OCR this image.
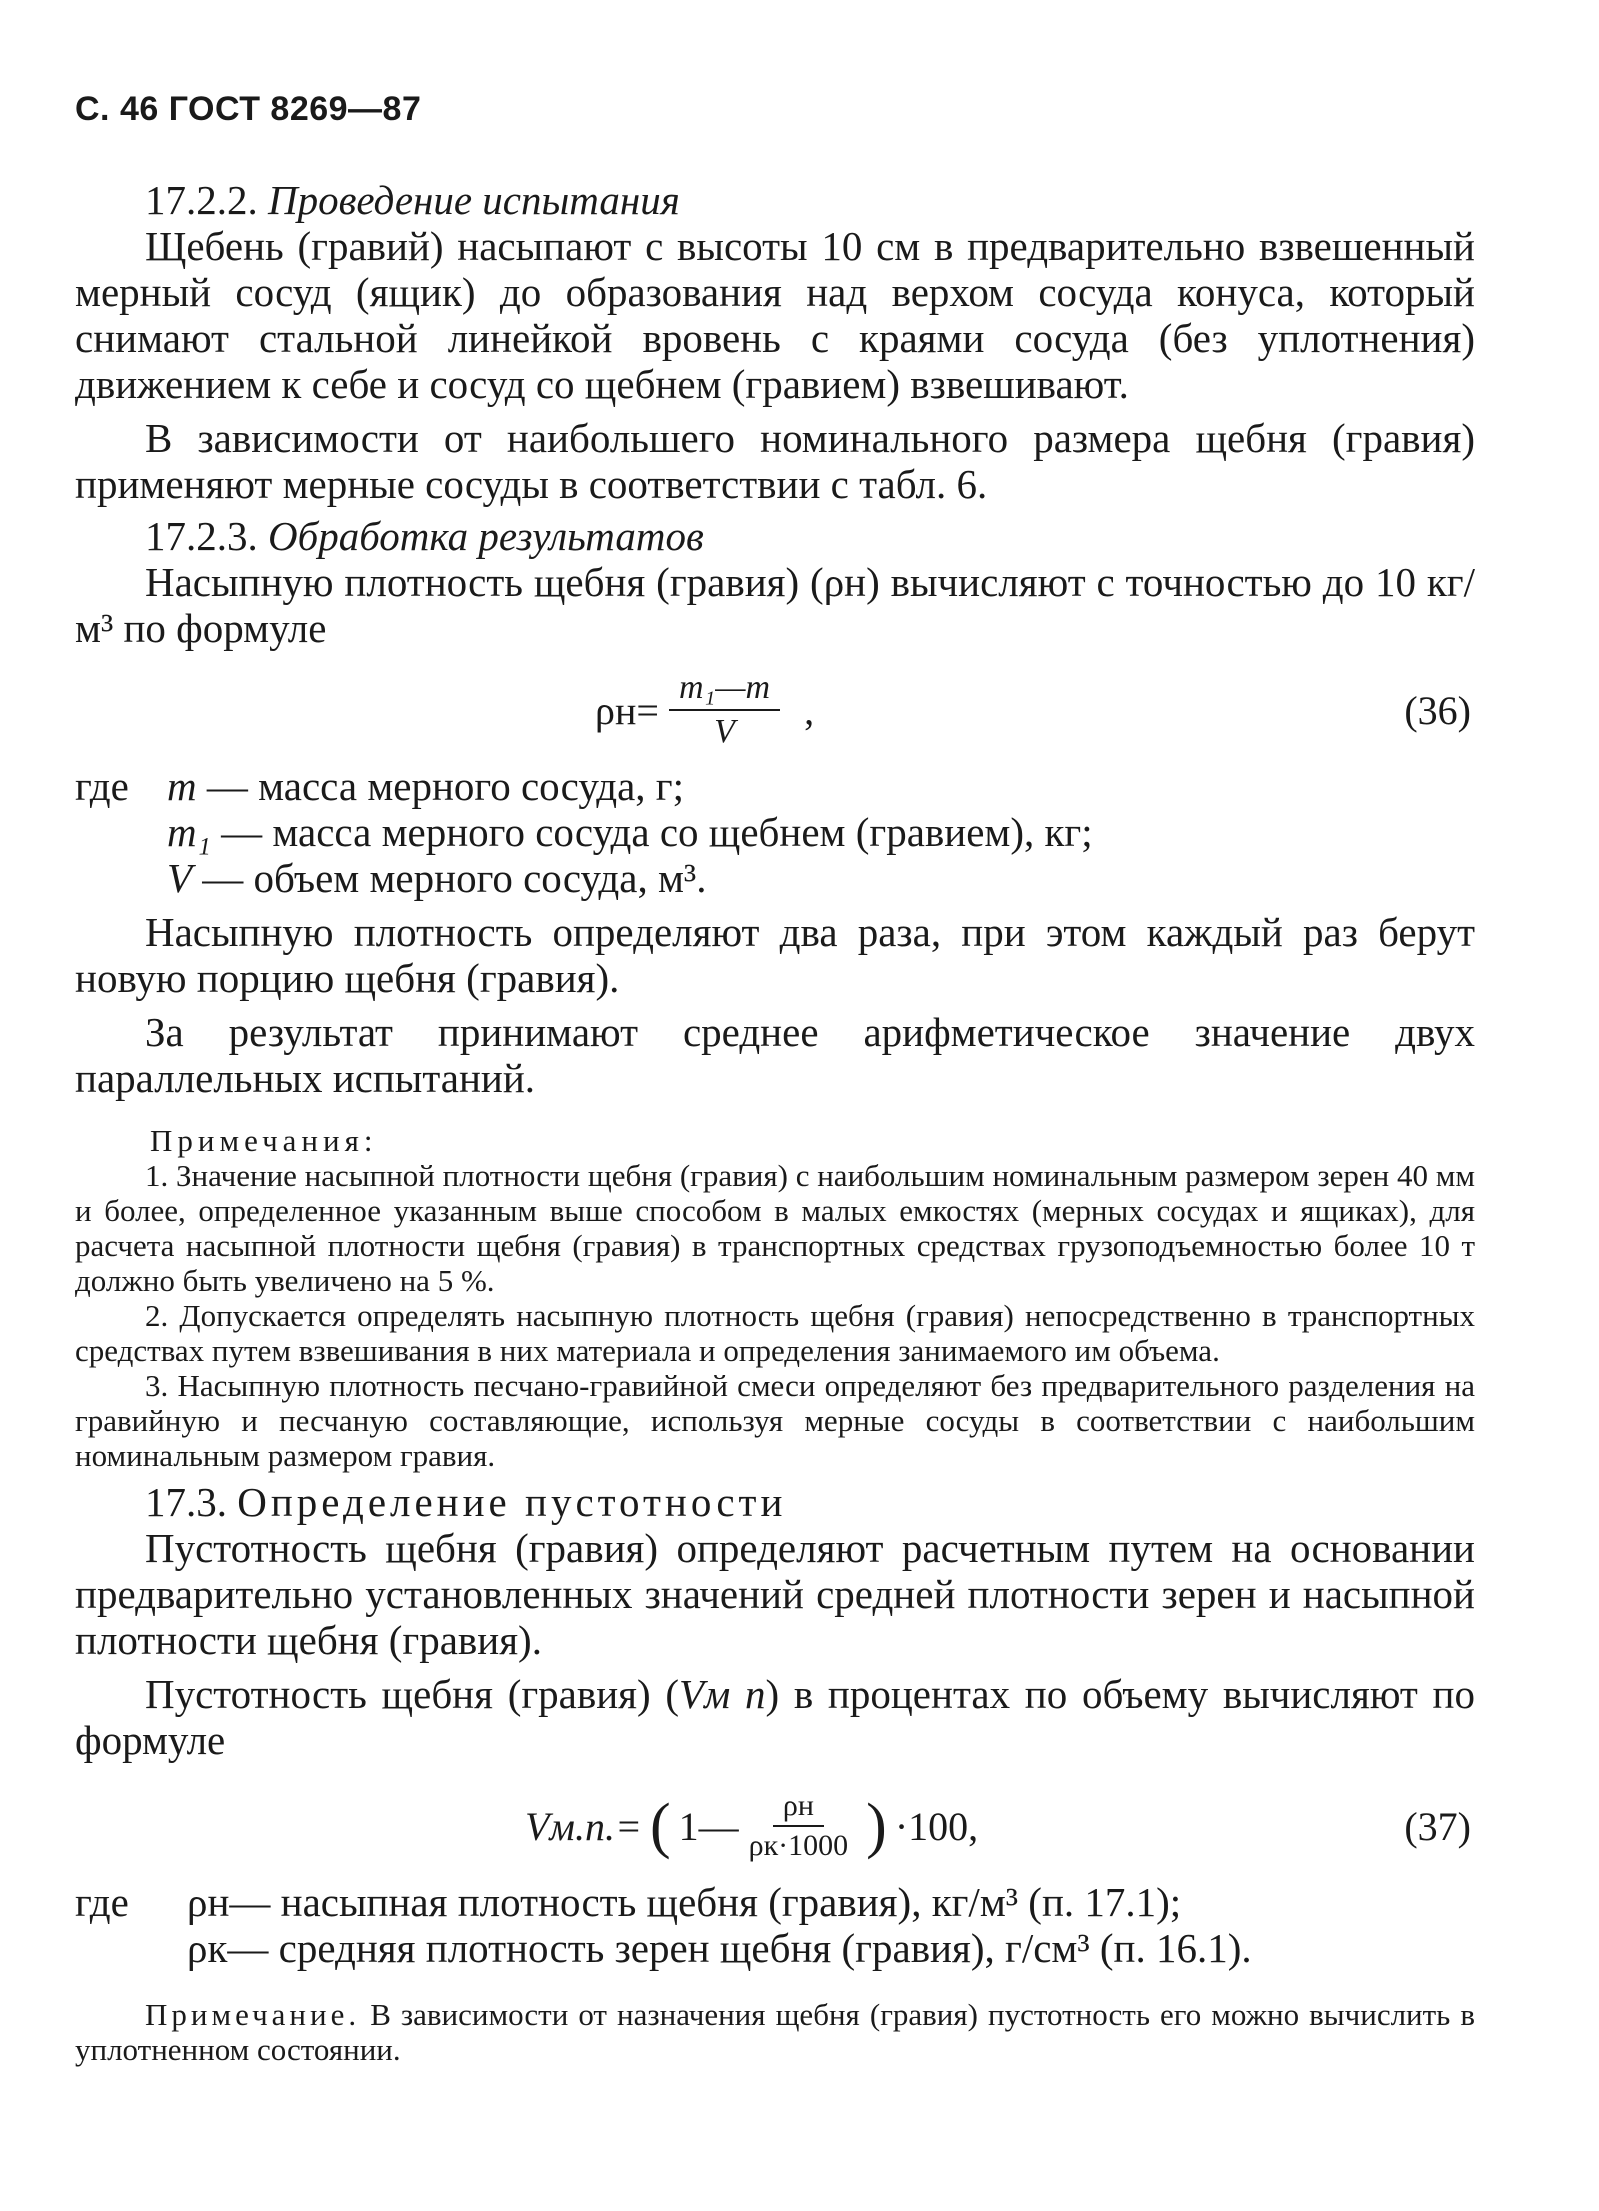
С. 46 ГОСТ 8269—87

17.2.2. Проведение испытания

Щебень (гравий) насыпают с высоты 10 см в предварительно взвешенный мерный сосуд (ящик) до образования над верхом сосуда конуса, который снимают стальной линейкой вровень с краями сосуда (без уплотнения) движением к себе и сосуд со щебнем (гравием) взвешивают.

В зависимости от наибольшего номинального размера щебня (гравия) применяют мерные сосуды в соответствии с табл. 6.

17.2.3. Обработка результатов

Насыпную плотность щебня (гравия) (ρн) вычисляют с точностью до 10 кг/м³ по формуле

$\rho н= \frac{\text{m₁—m}}{V}$ ,	(36)
где m — масса мерного сосуда, г;
m₁ — масса мерного сосуда со щебнем (гравием), кг;
V — объем мерного сосуда, м³.

Насыпную плотность определяют два раза, при этом каждый раз берут новую порцию щебня (гравия).

За результат принимают среднее арифметическое значение двух параллельных испытаний.

Примечания:

1. Значение насыпной плотности щебня (гравия) с наибольшим номинальным размером зерен 40 мм и более, определенное указанным выше способом в малых емкостях (мерных сосудах и ящиках), для расчета насыпной плотности щебня (гравия) в транспортных средствах грузоподъемностью более 10 т должно быть увеличено на 5 %.

2. Допускается определять насыпную плотность щебня (гравия) непосредственно в транспортных средствах путем взвешивания в них материала и определения занимаемого им объема.

3. Насыпную плотность песчано-гравийной смеси определяют без предварительного разделения на гравийную и песчаную составляющие, используя мерные сосуды в соответствии с наибольшим номинальным размером гравия.

17.3. Определение пустотности

Пустотность щебня (гравия) определяют расчетным путем на основании предварительно установленных значений средней плотности зерен и насыпной плотности щебня (гравия).

Пустотность щебня (гравия) (Vм п) в процентах по объему вычисляют по формуле

Vм.п.= ( 1— $\frac{\rho н}{\rho к\cdot 1000}$ ) ·100,	(37)
где ρн— насыпная плотность щебня (гравия), кг/м³ (п. 17.1);
ρк— средняя плотность зерен щебня (гравия), г/см³ (п. 16.1).

Примечание. В зависимости от назначения щебня (гравия) пустотность его можно вычислить в уплотненном состоянии.
